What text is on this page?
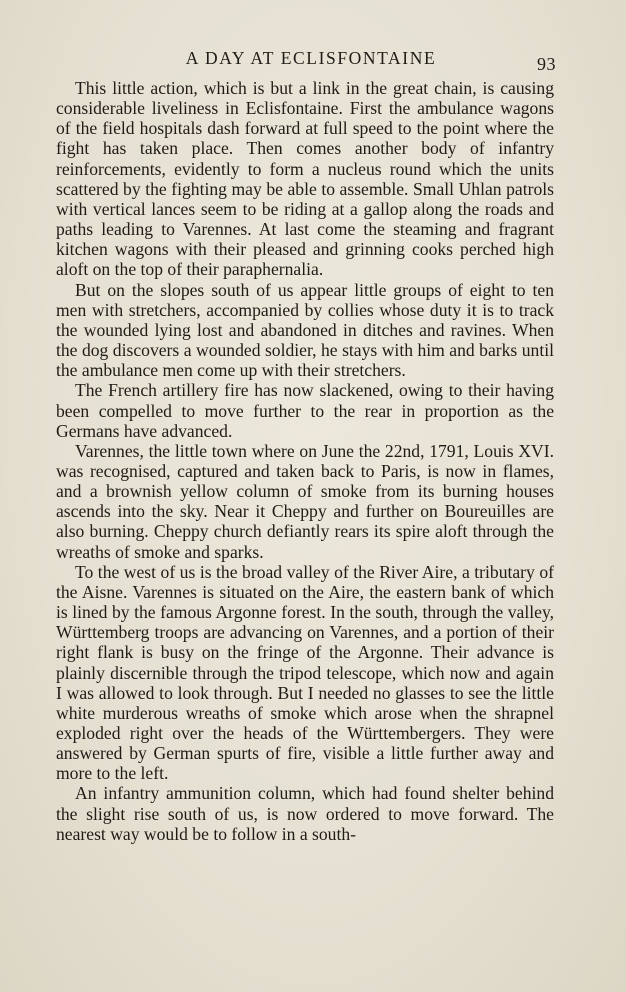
A DAY AT ECLISFONTAINE	93

This little action, which is but a link in the great chain, is causing considerable liveliness in Eclisfontaine. First the ambulance wagons of the field hospitals dash forward at full speed to the point where the fight has taken place. Then comes another body of infantry reinforcements, evidently to form a nucleus round which the units scattered by the fighting may be able to assemble. Small Uhlan patrols with vertical lances seem to be riding at a gallop along the roads and paths leading to Varennes. At last come the steaming and fragrant kitchen wagons with their pleased and grinning cooks perched high aloft on the top of their paraphernalia.

But on the slopes south of us appear little groups of eight to ten men with stretchers, accompanied by collies whose duty it is to track the wounded lying lost and abandoned in ditches and ravines. When the dog discovers a wounded soldier, he stays with him and barks until the ambulance men come up with their stretchers.

The French artillery fire has now slackened, owing to their having been compelled to move further to the rear in proportion as the Germans have advanced.

Varennes, the little town where on June the 22nd, 1791, Louis XVI. was recognised, captured and taken back to Paris, is now in flames, and a brownish yellow column of smoke from its burning houses ascends into the sky. Near it Cheppy and further on Boureuilles are also burning. Cheppy church defiantly rears its spire aloft through the wreaths of smoke and sparks.

To the west of us is the broad valley of the River Aire, a tributary of the Aisne. Varennes is situated on the Aire, the eastern bank of which is lined by the famous Argonne forest. In the south, through the valley, Württemberg troops are advancing on Varennes, and a portion of their right flank is busy on the fringe of the Argonne. Their advance is plainly discernible through the tripod telescope, which now and again I was allowed to look through. But I needed no glasses to see the little white murderous wreaths of smoke which arose when the shrapnel exploded right over the heads of the Württembergers. They were answered by German spurts of fire, visible a little further away and more to the left.

An infantry ammunition column, which had found shelter behind the slight rise south of us, is now ordered to move forward. The nearest way would be to follow in a south-
